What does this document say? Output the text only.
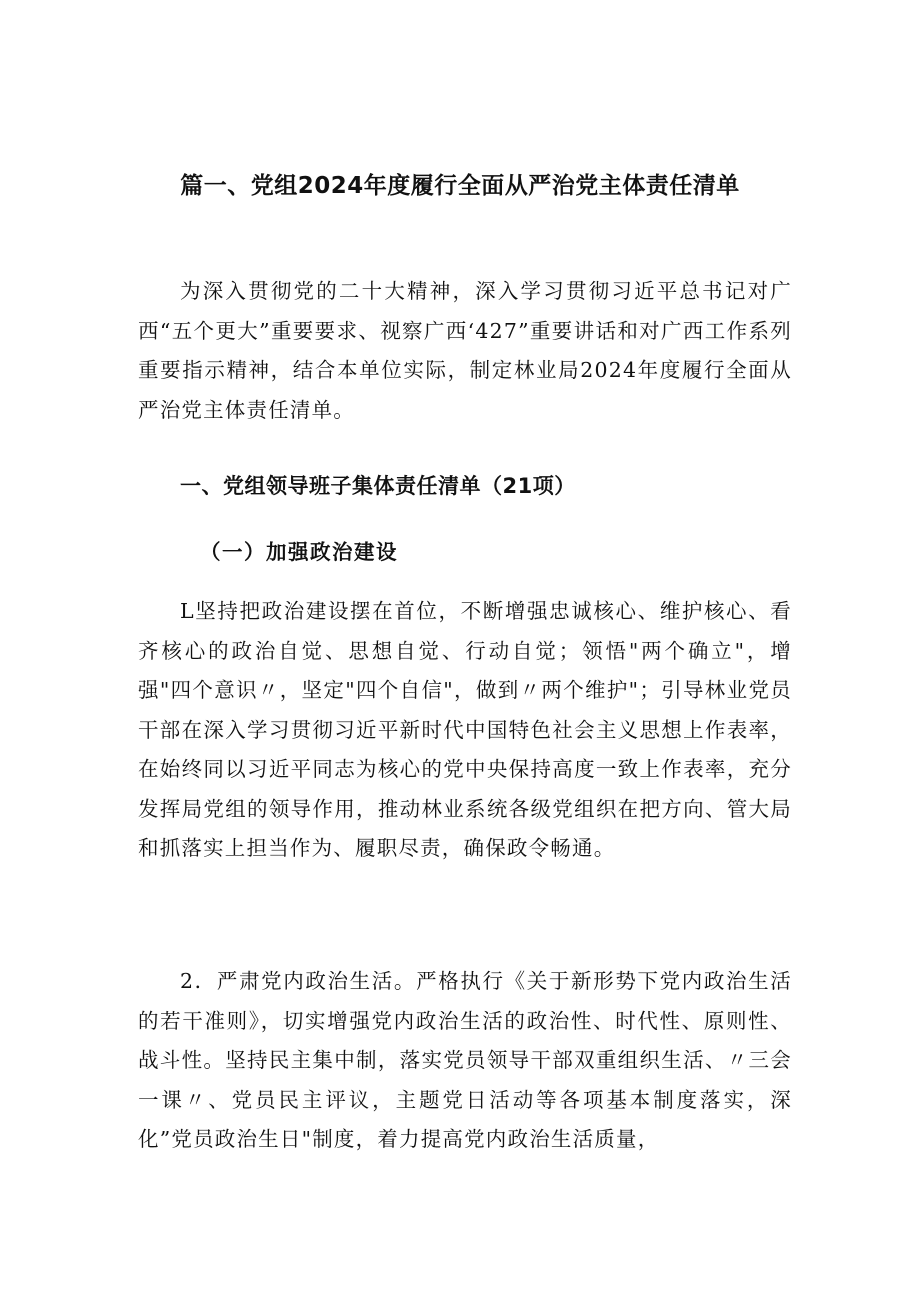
篇一、党组2024年度履行全面从严治党主体责任清单

为深入贯彻党的二十大精神，深入学习贯彻习近平总书记对广西“五个更大”重要要求、视察广西‘427”重要讲话和对广西工作系列重要指示精神，结合本单位实际，制定林业局2024年度履行全面从严治党主体责任清单。

一、党组领导班子集体责任清单（21项）
（一）加强政治建设

L坚持把政治建设摆在首位，不断增强忠诚核心、维护核心、看齐核心的政治自觉、思想自觉、行动自觉；领悟"两个确立"，增强"四个意识〃，坚定"四个自信"，做到〃两个维护"；引导林业党员干部在深入学习贯彻习近平新时代中国特色社会主义思想上作表率，在始终同以习近平同志为核心的党中央保持高度一致上作表率，充分发挥局党组的领导作用，推动林业系统各级党组织在把方向、管大局和抓落实上担当作为、履职尽责，确保政令畅通。

2．严肃党内政治生活。严格执行《关于新形势下党内政治生活的若干准则》，切实增强党内政治生活的政治性、时代性、原则性、战斗性。坚持民主集中制，落实党员领导干部双重组织生活、〃三会一课〃、党员民主评议，主题党日活动等各项基本制度落实，深化”党员政治生日"制度，着力提高党内政治生活质量，
